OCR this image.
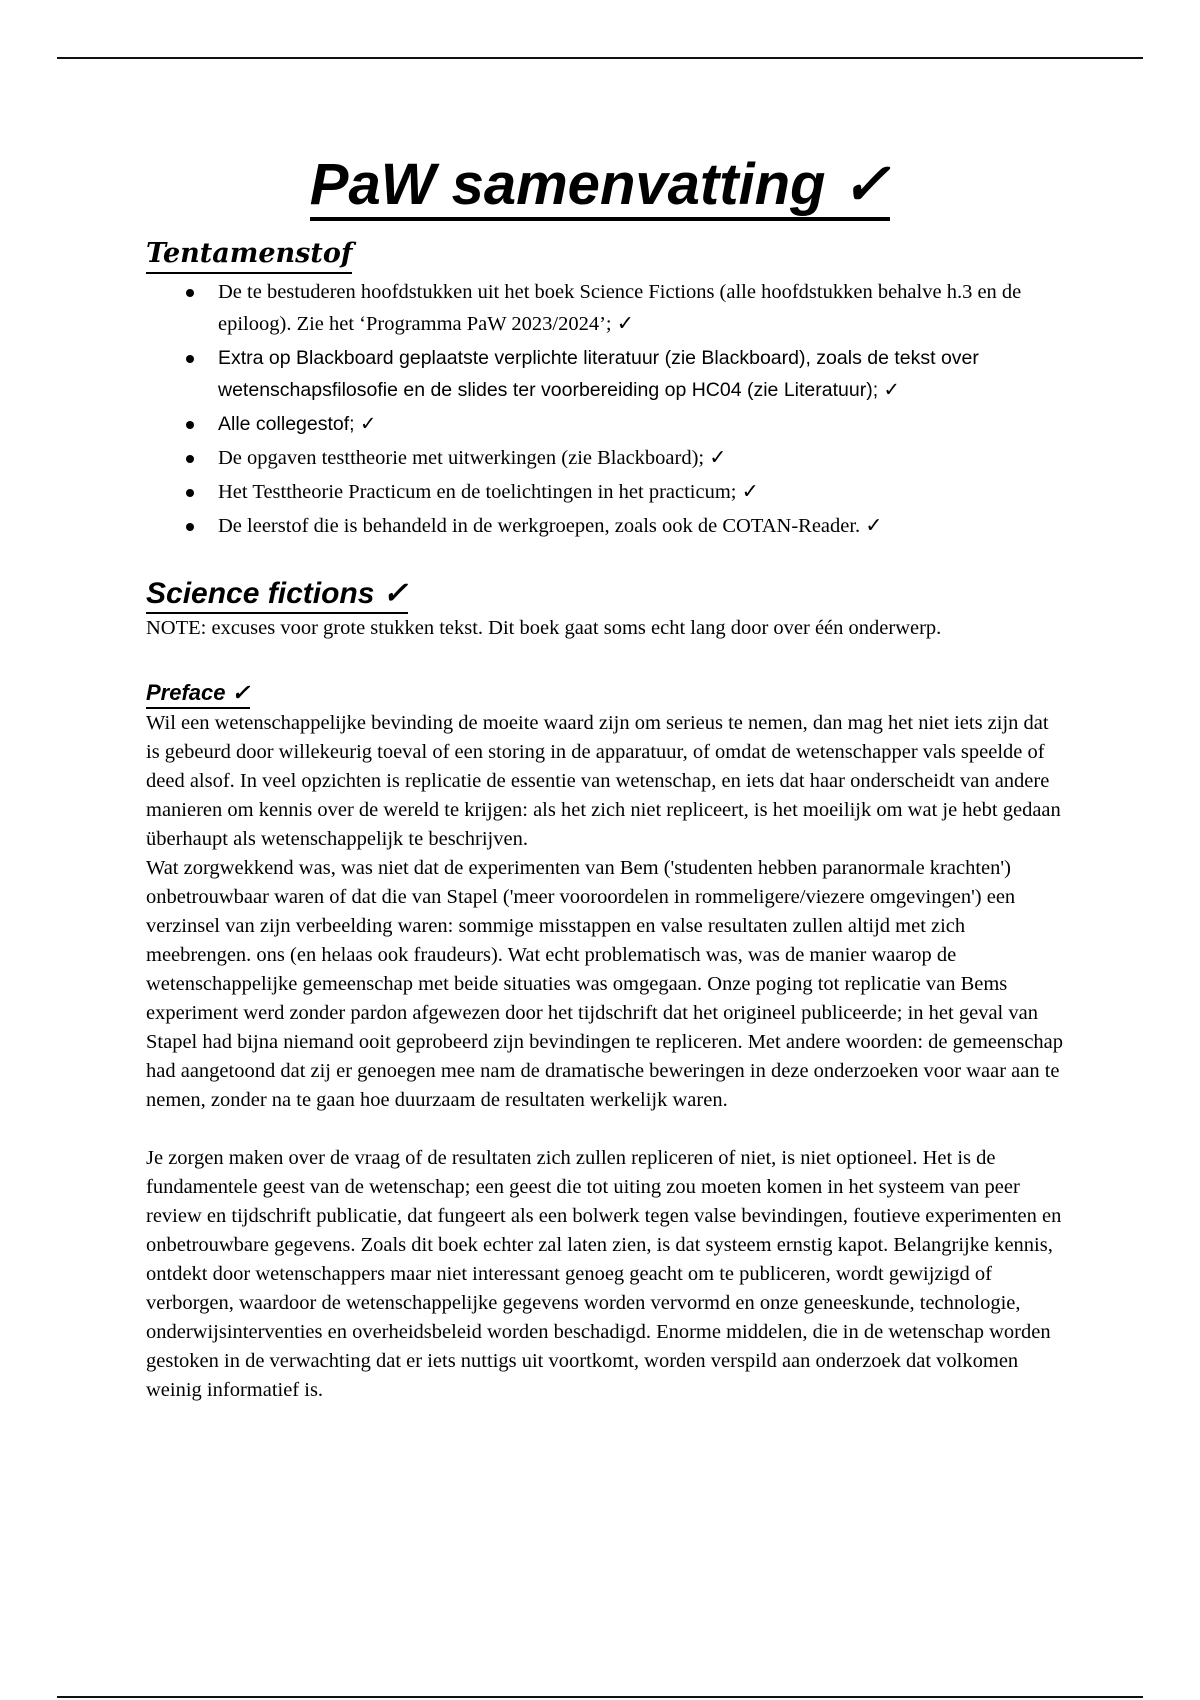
PaW samenvatting ✓
Tentamenstof
De te bestuderen hoofdstukken uit het boek Science Fictions (alle hoofdstukken behalve h.3 en de epiloog). Zie het ‘Programma PaW 2023/2024’; ✓
Extra op Blackboard geplaatste verplichte literatuur (zie Blackboard), zoals de tekst over wetenschapsfilosofie en de slides ter voorbereiding op HC04 (zie Literatuur); ✓
Alle collegestof; ✓
De opgaven testtheorie met uitwerkingen (zie Blackboard); ✓
Het Testtheorie Practicum en de toelichtingen in het practicum; ✓
De leerstof die is behandeld in de werkgroepen, zoals ook de COTAN-Reader. ✓
Science fictions ✓

NOTE: excuses voor grote stukken tekst. Dit boek gaat soms echt lang door over één onderwerp.

Preface ✓

Wil een wetenschappelijke bevinding de moeite waard zijn om serieus te nemen, dan mag het niet iets zijn dat is gebeurd door willekeurig toeval of een storing in de apparatuur, of omdat de wetenschapper vals speelde of deed alsof. In veel opzichten is replicatie de essentie van wetenschap, en iets dat haar onderscheidt van andere manieren om kennis over de wereld te krijgen: als het zich niet repliceert, is het moeilijk om wat je hebt gedaan überhaupt als wetenschappelijk te beschrijven.

Wat zorgwekkend was, was niet dat de experimenten van Bem ('studenten hebben paranormale krachten') onbetrouwbaar waren of dat die van Stapel ('meer vooroordelen in rommeligere/viezere omgevingen') een verzinsel van zijn verbeelding waren: sommige misstappen en valse resultaten zullen altijd met zich meebrengen. ons (en helaas ook fraudeurs). Wat echt problematisch was, was de manier waarop de wetenschappelijke gemeenschap met beide situaties was omgegaan. Onze poging tot replicatie van Bems experiment werd zonder pardon afgewezen door het tijdschrift dat het origineel publiceerde; in het geval van Stapel had bijna niemand ooit geprobeerd zijn bevindingen te repliceren. Met andere woorden: de gemeenschap had aangetoond dat zij er genoegen mee nam de dramatische beweringen in deze onderzoeken voor waar aan te nemen, zonder na te gaan hoe duurzaam de resultaten werkelijk waren.

Je zorgen maken over de vraag of de resultaten zich zullen repliceren of niet, is niet optioneel. Het is de fundamentele geest van de wetenschap; een geest die tot uiting zou moeten komen in het systeem van peer review en tijdschrift publicatie, dat fungeert als een bolwerk tegen valse bevindingen, foutieve experimenten en onbetrouwbare gegevens. Zoals dit boek echter zal laten zien, is dat systeem ernstig kapot. Belangrijke kennis, ontdekt door wetenschappers maar niet interessant genoeg geacht om te publiceren, wordt gewijzigd of verborgen, waardoor de wetenschappelijke gegevens worden vervormd en onze geneeskunde, technologie, onderwijsinterventies en overheidsbeleid worden beschadigd. Enorme middelen, die in de wetenschap worden gestoken in de verwachting dat er iets nuttigs uit voortkomt, worden verspild aan onderzoek dat volkomen weinig informatief is.
